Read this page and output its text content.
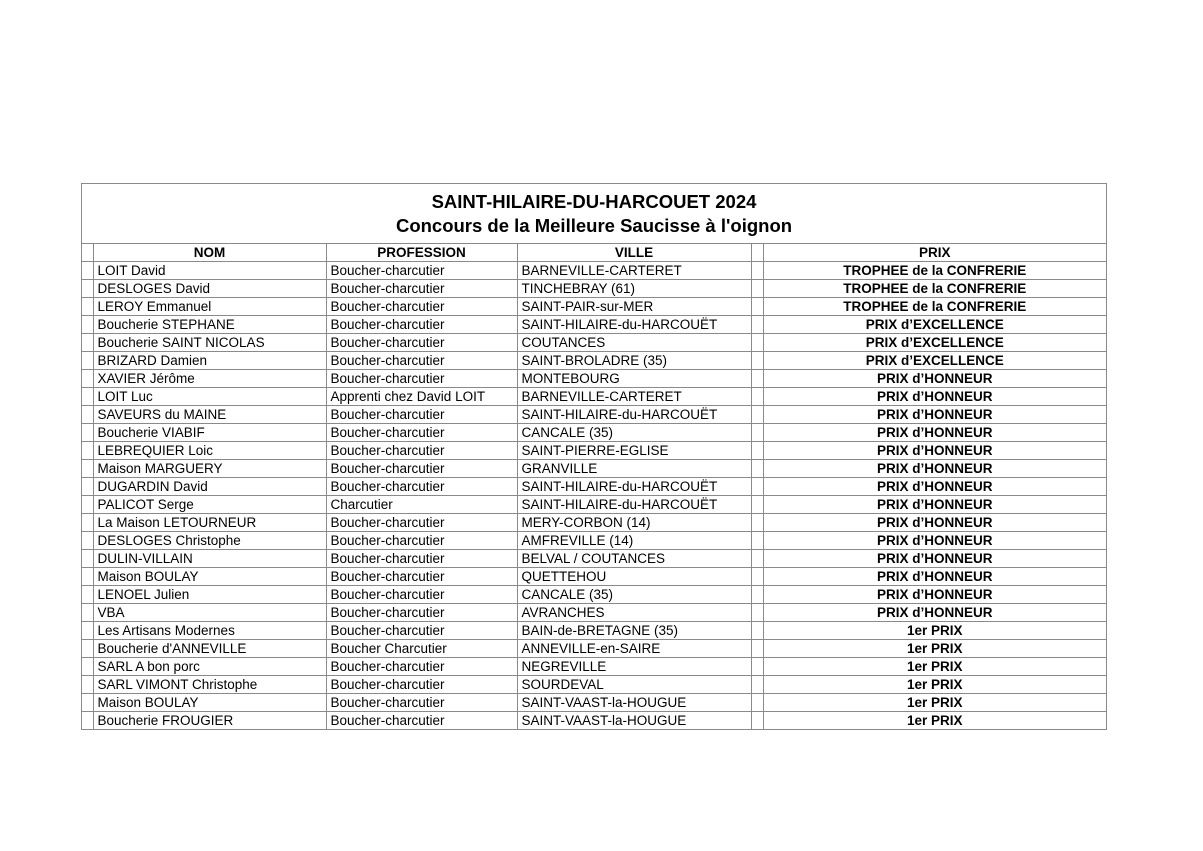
SAINT-HILAIRE-DU-HARCOUET 2024
Concours de la Meilleure Saucisse à l'oignon
	NOM	PROFESSION	VILLE		PRIX
	LOIT David	Boucher-charcutier	BARNEVILLE-CARTERET		TROPHEE de la CONFRERIE
	DESLOGES David	Boucher-charcutier	TINCHEBRAY (61)		TROPHEE de la CONFRERIE
	LEROY Emmanuel	Boucher-charcutier	SAINT-PAIR-sur-MER		TROPHEE de la CONFRERIE
	Boucherie STEPHANE	Boucher-charcutier	SAINT-HILAIRE-du-HARCOUËT		PRIX d’EXCELLENCE
	Boucherie SAINT NICOLAS	Boucher-charcutier	COUTANCES		PRIX d’EXCELLENCE
	BRIZARD Damien	Boucher-charcutier	SAINT-BROLADRE (35)		PRIX d’EXCELLENCE
	XAVIER Jérôme	Boucher-charcutier	MONTEBOURG		PRIX d’HONNEUR
	LOIT Luc	Apprenti chez David LOIT	BARNEVILLE-CARTERET		PRIX d’HONNEUR
	SAVEURS du MAINE	Boucher-charcutier	SAINT-HILAIRE-du-HARCOUËT		PRIX d’HONNEUR
	Boucherie VIABIF	Boucher-charcutier	CANCALE (35)		PRIX d’HONNEUR
	LEBREQUIER Loic	Boucher-charcutier	SAINT-PIERRE-EGLISE		PRIX d’HONNEUR
	Maison MARGUERY	Boucher-charcutier	GRANVILLE		PRIX d’HONNEUR
	DUGARDIN David	Boucher-charcutier	SAINT-HILAIRE-du-HARCOUËT		PRIX d’HONNEUR
	PALICOT Serge	Charcutier	SAINT-HILAIRE-du-HARCOUËT		PRIX d’HONNEUR
	La Maison LETOURNEUR	Boucher-charcutier	MERY-CORBON (14)		PRIX d’HONNEUR
	DESLOGES Christophe	Boucher-charcutier	AMFREVILLE (14)		PRIX d’HONNEUR
	DULIN-VILLAIN	Boucher-charcutier	BELVAL / COUTANCES		PRIX d’HONNEUR
	Maison BOULAY	Boucher-charcutier	QUETTEHOU		PRIX d’HONNEUR
	LENOEL Julien	Boucher-charcutier	CANCALE (35)		PRIX d’HONNEUR
	VBA	Boucher-charcutier	AVRANCHES		PRIX d’HONNEUR
	Les Artisans Modernes	Boucher-charcutier	BAIN-de-BRETAGNE (35)		1er PRIX
	Boucherie d'ANNEVILLE	Boucher Charcutier	ANNEVILLE-en-SAIRE		1er PRIX
	SARL A bon porc	Boucher-charcutier	NEGREVILLE		1er PRIX
	SARL VIMONT Christophe	Boucher-charcutier	SOURDEVAL		1er PRIX
	Maison BOULAY	Boucher-charcutier	SAINT-VAAST-la-HOUGUE		1er PRIX
	Boucherie FROUGIER	Boucher-charcutier	SAINT-VAAST-la-HOUGUE		1er PRIX
